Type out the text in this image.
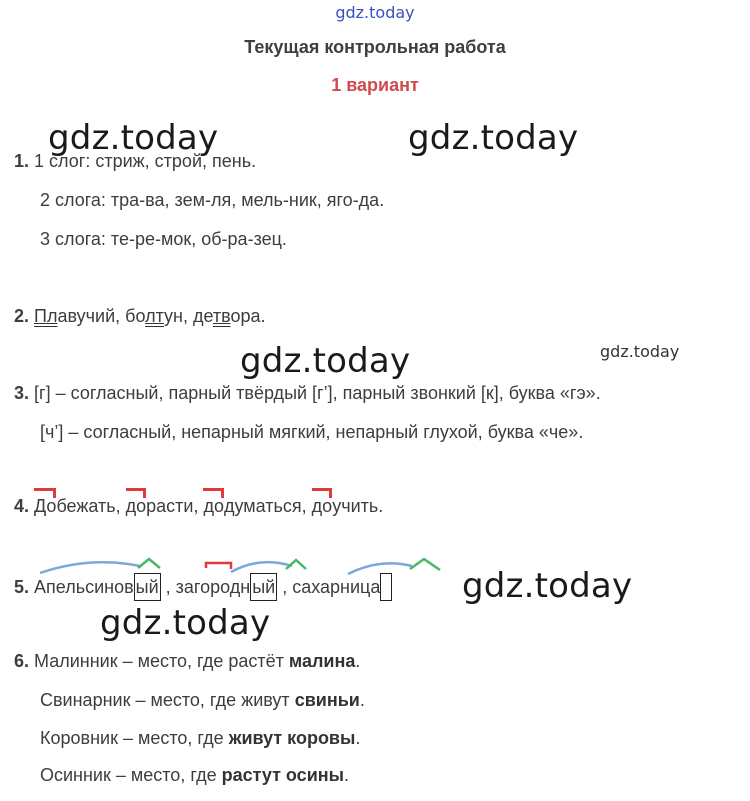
gdz.today
Текущая контрольная работа
1 вариант
gdz.today	gdz.today
gdz.today	gdz.today
gdz.today
gdz.today
1. 1 слог: стриж, строй, пень.
2 слога: тра-ва, зем-ля, мель-ник, яго-да.
3 слога: те-ре-мок, об-ра-зец.
2. Плавучий, болтун, детвора.
3. [г] – согласный, парный твёрдый [г’], парный звонкий [к], буква «гэ».
[ч’] – согласный, непарный мягкий, непарный глухой, буква «че».
4. Добежать, дорасти, додуматься, доучить.
5. Апельсинов ый , загородн ый , сахарница
6. Малинник – место, где растёт малина.
Свинарник – место, где живут свиньи.
Коровник – место, где живут коровы.
Осинник – место, где растут осины.
